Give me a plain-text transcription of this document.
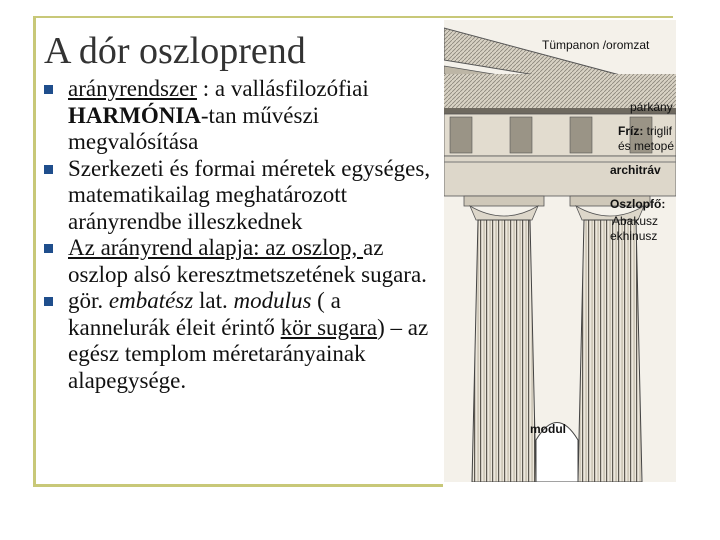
A dór oszloprend
arányrendszer : a vallásfilozófiai HARMÓNIA-tan művészi megvalósítása
Szerkezeti és formai méretek egységes, matematikailag meghatározott arányrendbe illeszkednek
Az arányrend alapja: az oszlop, az oszlop alsó keresztmetszetének sugara.
gör. embatész lat. modulus ( a kannelurák éleit érintő kör sugara) – az egész templom méretarányainak alapegysége.
Tümpanon /oromzat
párkány
Fríz: triglif
és metopé
architráv
Oszlopfő:
Abakusz
ekhinusz
modul
